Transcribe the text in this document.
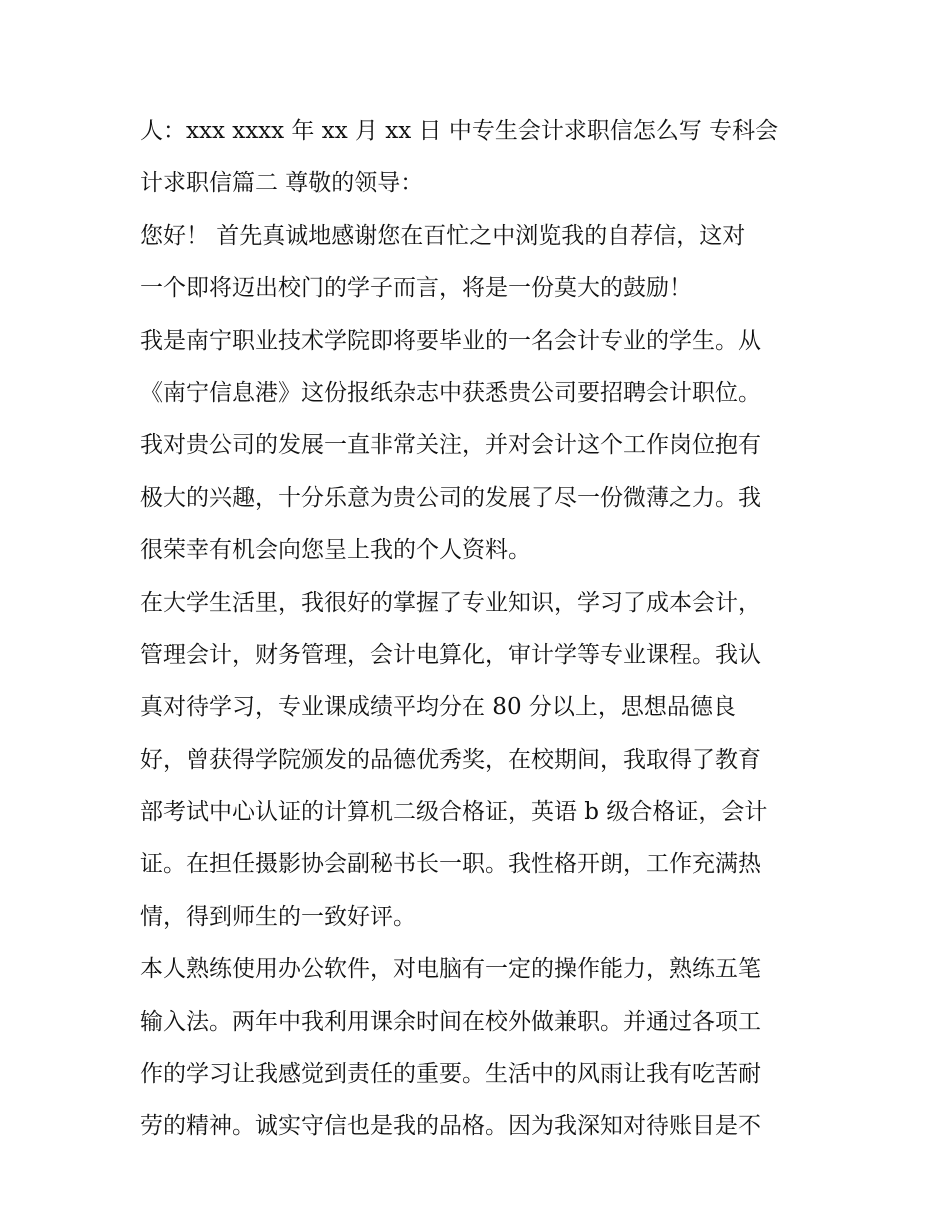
人：xxx xxxx 年 xx 月 xx 日 中专生会计求职信怎么写 专科会
计求职信篇二 尊敬的领导：
您好！ 首先真诚地感谢您在百忙之中浏览我的自荐信，这对
一个即将迈出校门的学子而言，将是一份莫大的鼓励！
我是南宁职业技术学院即将要毕业的一名会计专业的学生。从
《南宁信息港》这份报纸杂志中获悉贵公司要招聘会计职位。
我对贵公司的发展一直非常关注，并对会计这个工作岗位抱有
极大的兴趣，十分乐意为贵公司的发展了尽一份微薄之力。我
很荣幸有机会向您呈上我的个人资料。
在大学生活里，我很好的掌握了专业知识，学习了成本会计，
管理会计，财务管理，会计电算化，审计学等专业课程。我认
真对待学习，专业课成绩平均分在 80 分以上，思想品德良
好，曾获得学院颁发的品德优秀奖，在校期间，我取得了教育
部考试中心认证的计算机二级合格证，英语 b 级合格证，会计
证。在担任摄影协会副秘书长一职。我性格开朗，工作充满热
情，得到师生的一致好评。
本人熟练使用办公软件，对电脑有一定的操作能力，熟练五笔
输入法。两年中我利用课余时间在校外做兼职。并通过各项工
作的学习让我感觉到责任的重要。生活中的风雨让我有吃苦耐
劳的精神。诚实守信也是我的品格。因为我深知对待账目是不
